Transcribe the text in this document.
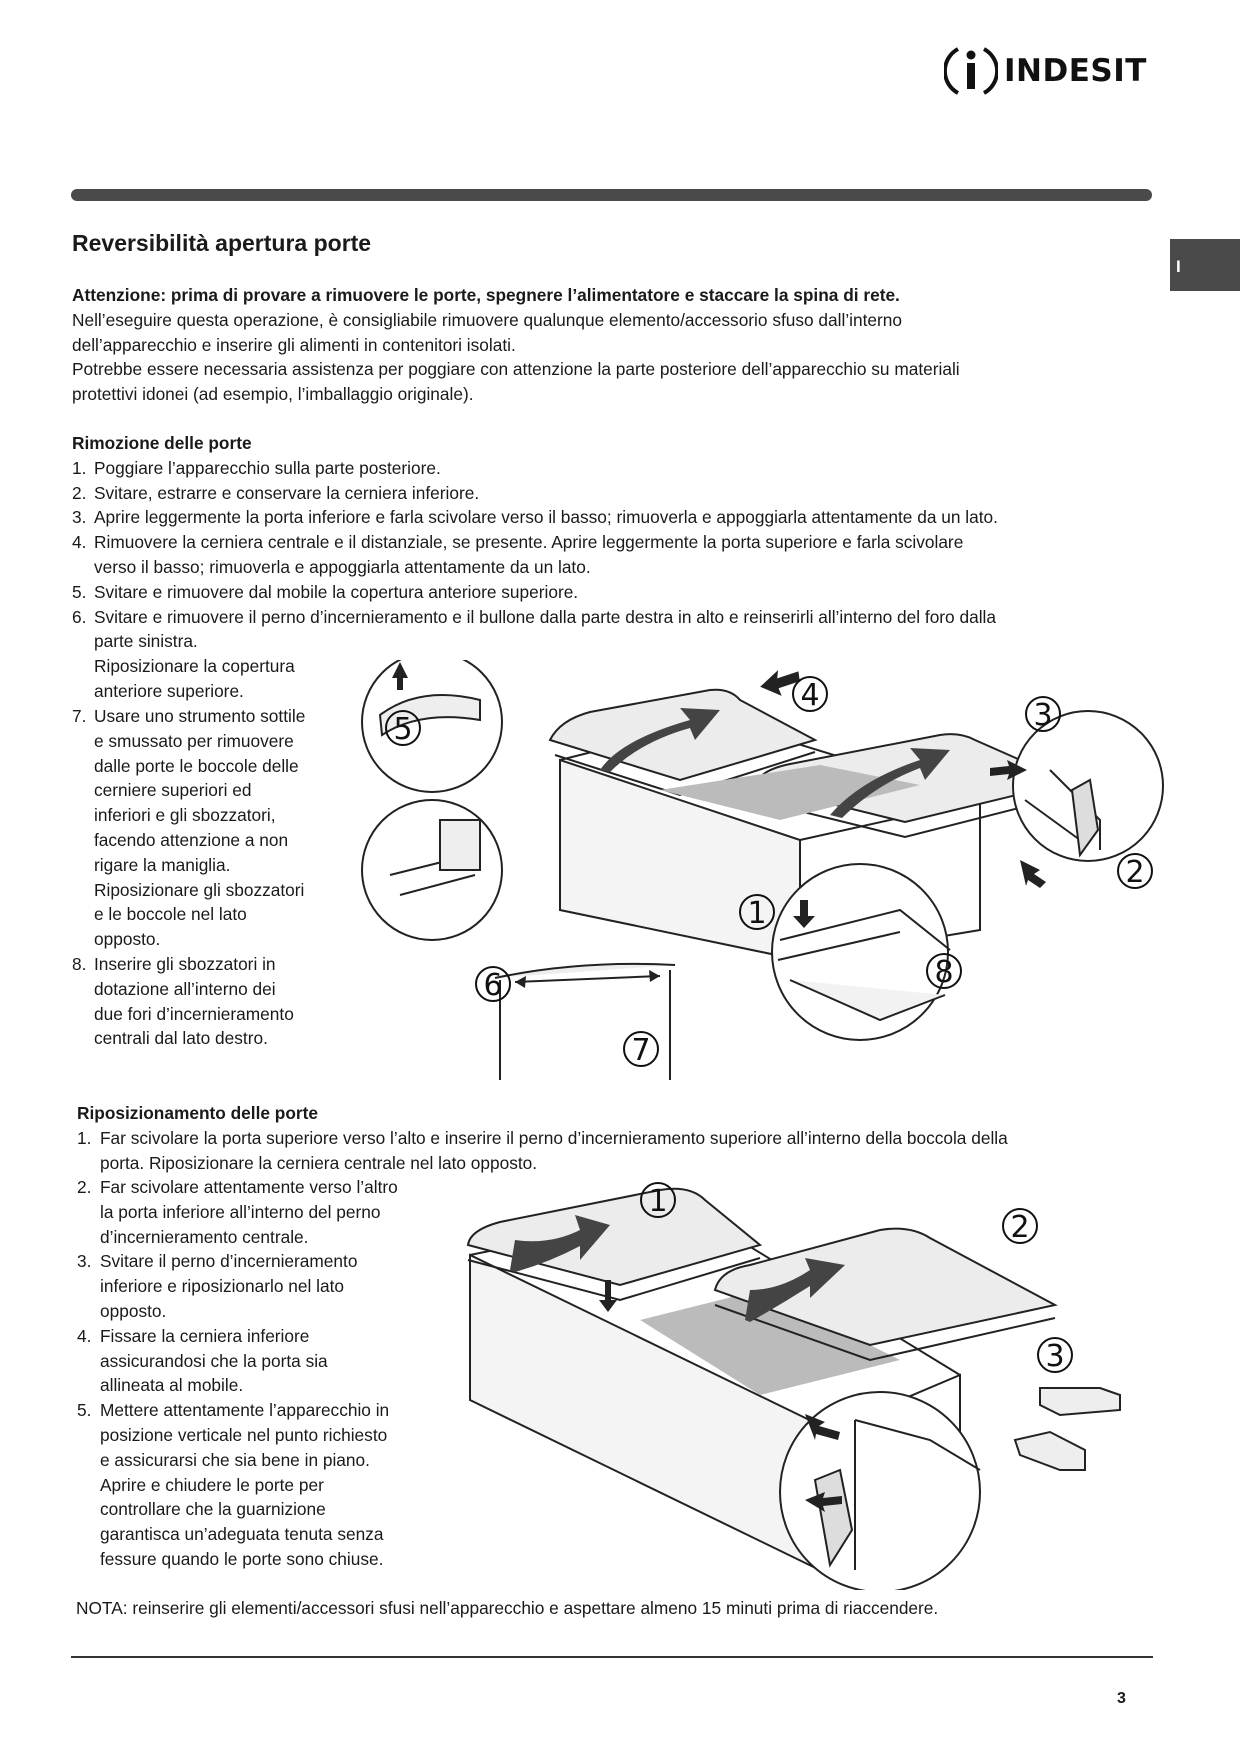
INDESIT
I
Reversibilità apertura porte

Attenzione: prima di provare a rimuovere le porte, spegnere l’alimentatore e staccare la spina di rete.

Nell’eseguire questa operazione, è consigliabile rimuovere qualunque elemento/accessorio sfuso dall’interno

dell’apparecchio e inserire gli alimenti in contenitori isolati.

Potrebbe essere necessaria assistenza per poggiare con attenzione la parte posteriore dell’apparecchio su materiali

protettivi idonei (ad esempio, l’imballaggio originale).

Rimozione delle porte
1. Poggiare l’apparecchio sulla parte posteriore.
2. Svitare, estrarre e conservare la cerniera inferiore.
3. Aprire leggermente la porta inferiore e farla scivolare verso il basso; rimuoverla e appoggiarla attentamente da un lato.
4. Rimuovere la cerniera centrale e il distanziale, se presente. Aprire leggermente la porta superiore e farla scivolare
verso il basso; rimuoverla e appoggiarla attentamente da un lato.
5. Svitare e rimuovere dal mobile la copertura anteriore superiore.
6. Svitare e rimuovere il perno d’incernieramento e il bullone dalla parte destra in alto e reinserirli all’interno del foro dalla
parte sinistra.
Riposizionare la copertura
anteriore superiore.
7. Usare uno strumento sottile
e smussato per rimuovere
dalle porte le boccole delle
cerniere superiori ed
inferiori e gli sbozzatori,
facendo attenzione a non
rigare la maniglia.
Riposizionare gli sbozzatori
e le boccole nel lato
opposto.
8. Inserire gli sbozzatori in
dotazione all’interno dei
due fori d’incernieramento
centrali dal lato destro.
1
2
3
4
5
6
7
8
Riposizionamento delle porte
1. Far scivolare la porta superiore verso l’alto e inserire il perno d’incernieramento superiore all’interno della boccola della
porta. Riposizionare la cerniera centrale nel lato opposto.
2. Far scivolare attentamente verso l’altro
la porta inferiore all’interno del perno
d’incernieramento centrale.
3. Svitare il perno d’incernieramento
inferiore e riposizionarlo nel lato
opposto.
4. Fissare la cerniera inferiore
assicurandosi che la porta sia
allineata al mobile.
5. Mettere attentamente l’apparecchio in
posizione verticale nel punto richiesto
e assicurarsi che sia bene in piano.
Aprire e chiudere le porte per
controllare che la guarnizione
garantisca un’adeguata tenuta senza
fessure quando le porte sono chiuse.
1
2
3
NOTA: reinserire gli elementi/accessori sfusi nell’apparecchio e aspettare almeno 15 minuti prima di riaccendere.
3
